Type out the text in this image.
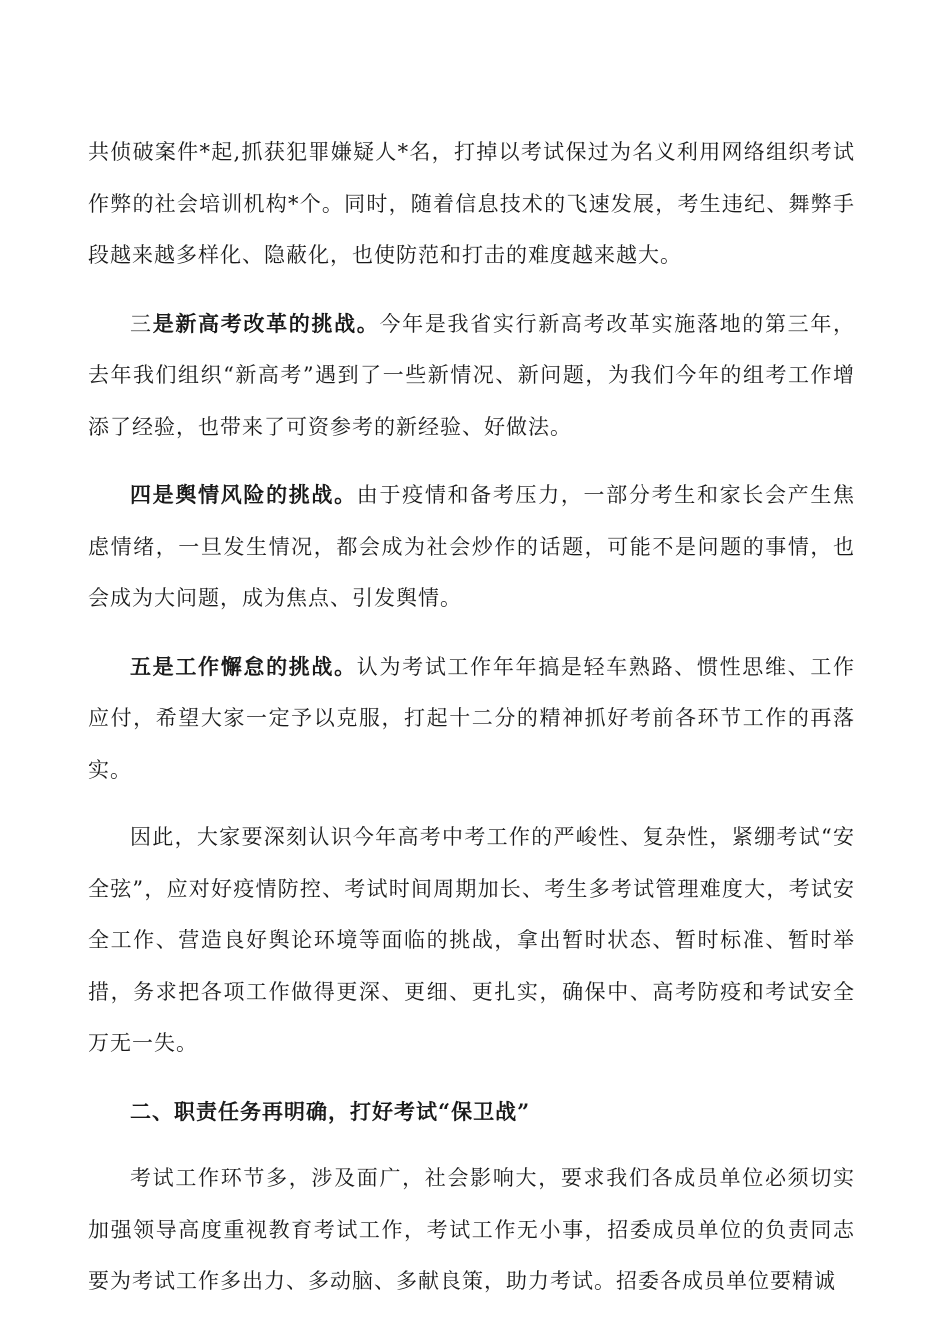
共侦破案件*起,抓获犯罪嫌疑人*名，打掉以考试保过为名义利用网络组织考试作弊的社会培训机构*个。同时，随着信息技术的飞速发展，考生违纪、舞弊手段越来越多样化、隐蔽化，也使防范和打击的难度越来越大。

三是新高考改革的挑战。今年是我省实行新高考改革实施落地的第三年，去年我们组织“新高考”遇到了一些新情况、新问题，为我们今年的组考工作增添了经验，也带来了可资参考的新经验、好做法。

四是舆情风险的挑战。由于疫情和备考压力，一部分考生和家长会产生焦虑情绪，一旦发生情况，都会成为社会炒作的话题，可能不是问题的事情，也会成为大问题，成为焦点、引发舆情。

五是工作懈怠的挑战。认为考试工作年年搞是轻车熟路、惯性思维、工作应付，希望大家一定予以克服，打起十二分的精神抓好考前各环节工作的再落实。

因此，大家要深刻认识今年高考中考工作的严峻性、复杂性，紧绷考试“安全弦”，应对好疫情防控、考试时间周期加长、考生多考试管理难度大，考试安全工作、营造良好舆论环境等面临的挑战，拿出暂时状态、暂时标准、暂时举措，务求把各项工作做得更深、更细、更扎实，确保中、高考防疫和考试安全万无一失。

二、职责任务再明确，打好考试“保卫战”

考试工作环节多，涉及面广，社会影响大，要求我们各成员单位必须切实加强领导高度重视教育考试工作，考试工作无小事，招委成员单位的负责同志要为考试工作多出力、多动脑、多献良策，助力考试。招委各成员单位要精诚
